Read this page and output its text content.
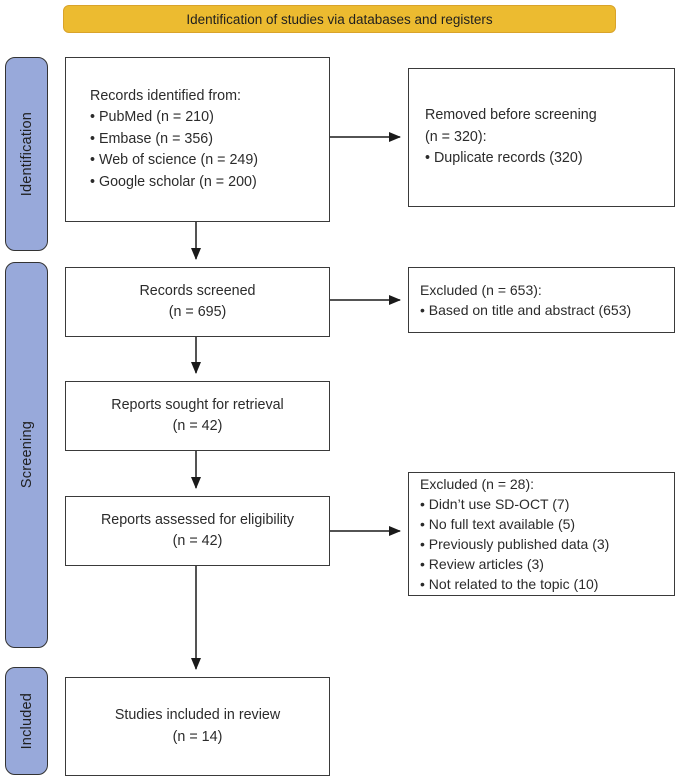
Identification of studies via databases and registers
Identification
Screening
Included
Records identified from:
• PubMed (n = 210)
• Embase (n = 356)
• Web of science (n = 249)
• Google scholar (n = 200)
Removed before screening
(n = 320):
• Duplicate records (320)
Records screened
(n = 695)
Excluded (n = 653):
• Based on title and abstract (653)
Reports sought for retrieval
(n = 42)
Reports assessed for eligibility
(n = 42)
Excluded (n = 28):
• Didn’t use SD-OCT (7)
• No full text available (5)
• Previously published data (3)
• Review articles (3)
• Not related to the topic (10)
Studies included in review
(n = 14)
